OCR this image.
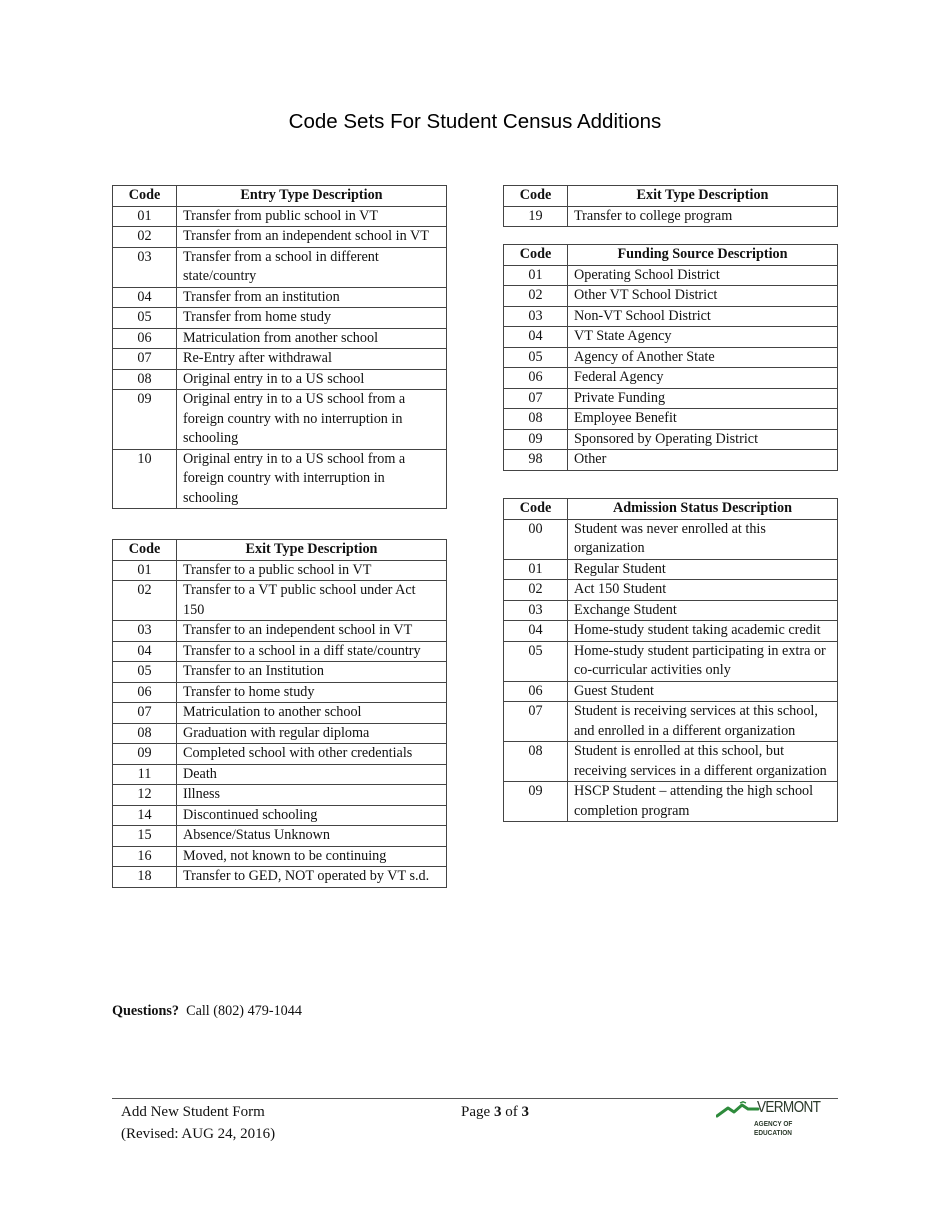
Code Sets For Student Census Additions
Code	Entry Type Description
01	Transfer from public school in VT
02	Transfer from an independent school in VT
03	Transfer from a school in different state/country
04	Transfer from an institution
05	Transfer from home study
06	Matriculation from another school
07	Re-Entry after withdrawal
08	Original entry in to a US school
09	Original entry in to a US school from a foreign country with no interruption in schooling
10	Original entry in to a US school from a foreign country with interruption in schooling
Code	Exit Type Description
01	Transfer to a public school in VT
02	Transfer to a VT public school under Act 150
03	Transfer to an independent school in VT
04	Transfer to a school in a diff state/country
05	Transfer to an Institution
06	Transfer to home study
07	Matriculation to another school
08	Graduation with regular diploma
09	Completed school with other credentials
11	Death
12	Illness
14	Discontinued schooling
15	Absence/Status Unknown
16	Moved, not known to be continuing
18	Transfer to GED, NOT operated by VT s.d.
Code	Exit Type Description
19	Transfer to college program
Code	Funding Source Description
01	Operating School District
02	Other VT School District
03	Non-VT School District
04	VT State Agency
05	Agency of Another State
06	Federal Agency
07	Private Funding
08	Employee Benefit
09	Sponsored by Operating District
98	Other
Code	Admission Status Description
00	Student was never enrolled at this organization
01	Regular Student
02	Act 150 Student
03	Exchange Student
04	Home-study student taking academic credit
05	Home-study student participating in extra or co-curricular activities only
06	Guest Student
07	Student is receiving services at this school, and enrolled in a different organization
08	Student is enrolled at this school, but receiving services in a different organization
09	HSCP Student – attending the high school completion program
Questions? Call (802) 479-1044
Add New Student Form
(Revised: AUG 24, 2016)
Page 3 of 3	VERMONT
AGENCY OF EDUCATION
